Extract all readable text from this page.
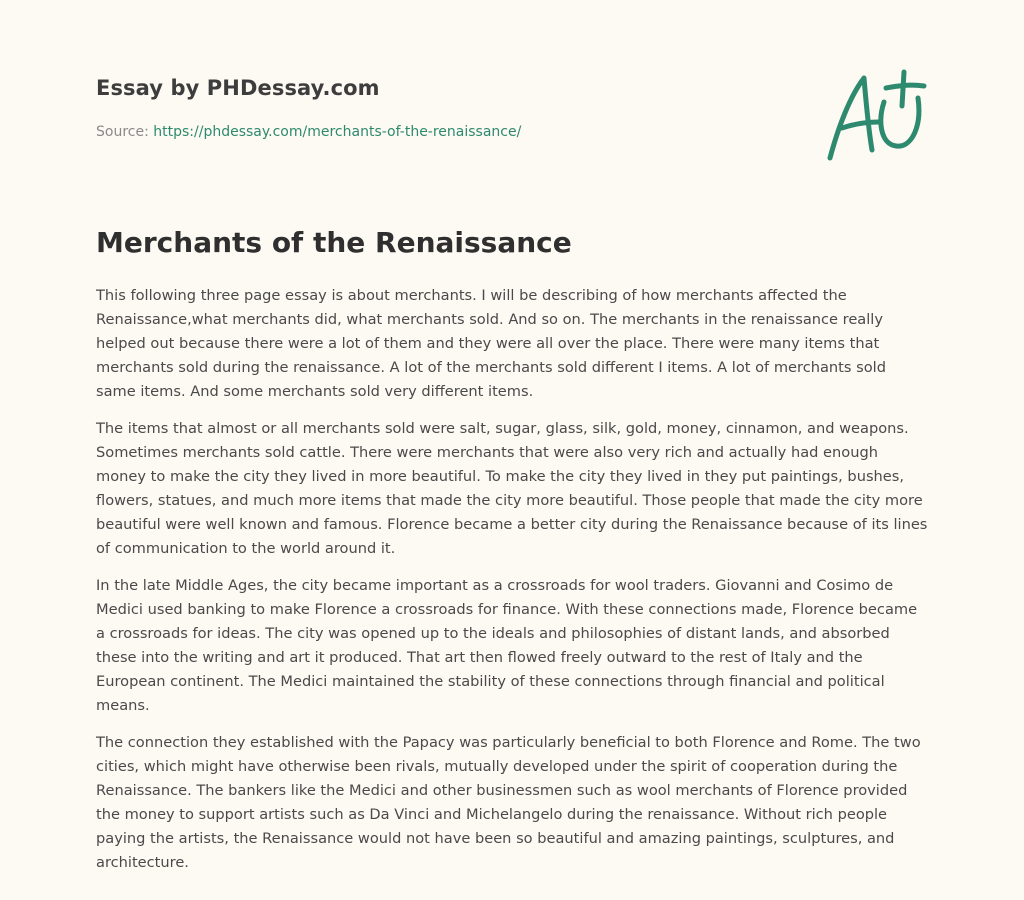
Essay by PHDessay.com
Source: https://phdessay.com/merchants-of-the-renaissance/
Merchants of the Renaissance

This following three page essay is about merchants. I will be describing of how merchants affected the Renaissance,what merchants did, what merchants sold. And so on. The merchants in the renaissance really helped out because there were a lot of them and they were all over the place. There were many items that merchants sold during the renaissance. A lot of the merchants sold different I items. A lot of merchants sold same items. And some merchants sold very different items.

The items that almost or all merchants sold were salt, sugar, glass, silk, gold, money, cinnamon, and weapons. Sometimes merchants sold cattle. There were merchants that were also very rich and actually had enough money to make the city they lived in more beautiful. To make the city they lived in they put paintings, bushes, flowers, statues, and much more items that made the city more beautiful. Those people that made the city more beautiful were well known and famous. Florence became a better city during the Renaissance because of its lines of communication to the world around it.

In the late Middle Ages, the city became important as a crossroads for wool traders. Giovanni and Cosimo de Medici used banking to make Florence a crossroads for finance. With these connections made, Florence became a crossroads for ideas. The city was opened up to the ideals and philosophies of distant lands, and absorbed these into the writing and art it produced. That art then flowed freely outward to the rest of Italy and the European continent. The Medici maintained the stability of these connections through financial and political means.

The connection they established with the Papacy was particularly beneficial to both Florence and Rome. The two cities, which might have otherwise been rivals, mutually developed under the spirit of cooperation during the Renaissance. The bankers like the Medici and other businessmen such as wool merchants of Florence provided the money to support artists such as Da Vinci and Michelangelo during the renaissance. Without rich people paying the artists, the Renaissance would not have been so beautiful and amazing paintings, sculptures, and architecture.
